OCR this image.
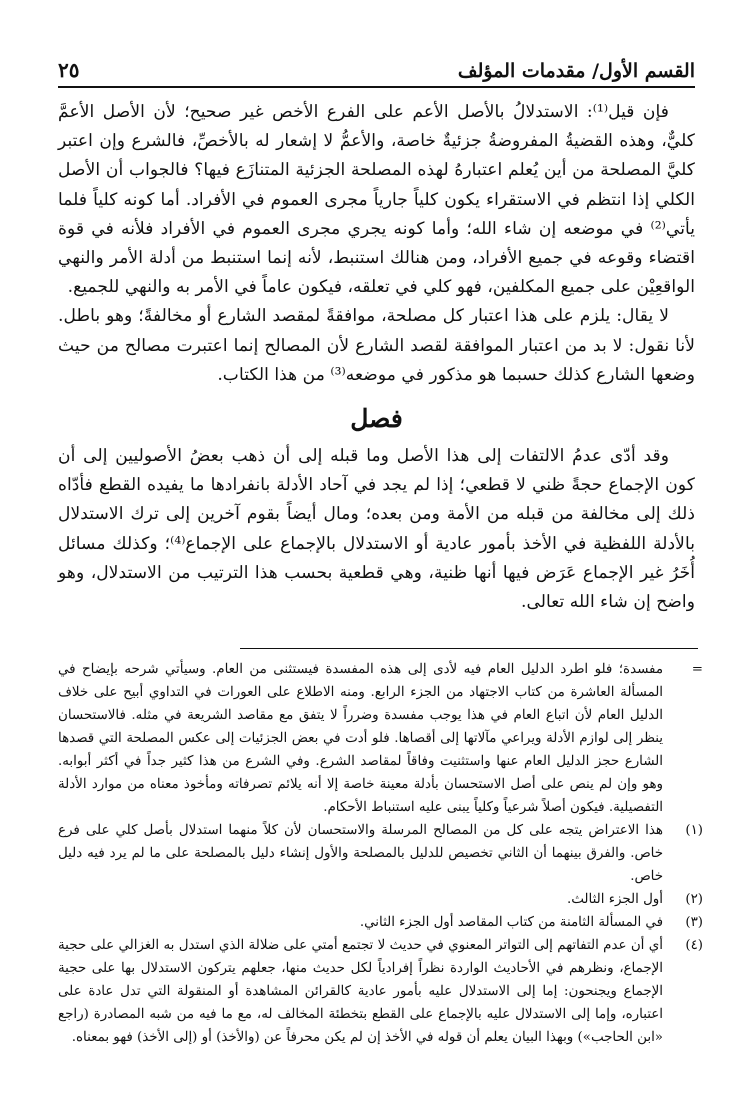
٢٥	القسم الأول/ مقدمات المؤلف

فإن قيل⁽¹⁾: الاستدلالُ بالأصل الأعم على الفرع الأخص غير صحيح؛ لأن الأصل الأعمَّ كليٌّ، وهذه القضيةُ المفروضةُ جزئيةٌ خاصة، والأعمُّ لا إشعار له بالأخصِّ، فالشرع وإن اعتبر كليَّ المصلحة من أين يُعلم اعتبارهُ لهذه المصلحة الجزئية المتنازَع فيها؟ فالجواب أن الأصل الكلي إذا انتظم في الاستقراء يكون كلياً جارياً مجرى العموم في الأفراد. أما كونه كلياً فلما يأتي⁽²⁾ في موضعه إن شاء الله؛ وأما كونه يجري مجرى العموم في الأفراد فلأنه في قوة اقتضاء وقوعه في جميع الأفراد، ومن هنالك استنبط، لأنه إنما استنبط من أدلة الأمر والنهي الواقعِيْن على جميع المكلفين، فهو كلي في تعلقه، فيكون عاماً في الأمر به والنهي للجميع.

لا يقال: يلزم على هذا اعتبار كل مصلحة، موافقةً لمقصد الشارع أو مخالفةً؛ وهو باطل. لأنا نقول: لا بد من اعتبار الموافقة لقصد الشارع لأن المصالح إنما اعتبرت مصالح من حيث وضعها الشارع كذلك حسبما هو مذكور في موضعه⁽³⁾ من هذا الكتاب.

فصل

وقد أدّى عدمُ الالتفات إلى هذا الأصل وما قبله إلى أن ذهب بعضُ الأصوليين إلى أن كون الإجماع حجةً ظني لا قطعي؛ إذا لم يجد في آحاد الأدلة بانفرادها ما يفيده القطع فأدّاه ذلك إلى مخالفة من قبله من الأمة ومن بعده؛ ومال أيضاً بقوم آخرين إلى ترك الاستدلال بالأدلة اللفظية في الأخذ بأمور عادية أو الاستدلال بالإجماع على الإجماع⁽⁴⁾؛ وكذلك مسائل أُخَرُ غير الإجماع عَرَض فيها أنها ظنية، وهي قطعية بحسب هذا الترتيب من الاستدلال، وهو واضح إن شاء الله تعالى.

=
مفسدة؛ فلو اطرد الدليل العام فيه لأدى إلى هذه المفسدة فيستثنى من العام. وسيأتي شرحه بإيضاح في المسألة العاشرة من كتاب الاجتهاد من الجزء الرابع. ومنه الاطلاع على العورات في التداوي أبيح على خلاف الدليل العام لأن اتباع العام في هذا يوجب مفسدة وضرراً لا يتفق مع مقاصد الشريعة في مثله. فالاستحسان ينظر إلى لوازم الأدلة ويراعي مآلاتها إلى أقصاها. فلو أدت في بعض الجزئيات إلى عكس المصلحة التي قصدها الشارع حجز الدليل العام عنها واستثنيت وفاقاً لمقاصد الشرع. وفي الشرع من هذا كثير جداً في أكثر أبوابه. وهو وإن لم ينص على أصل الاستحسان بأدلة معينة خاصة إلا أنه يلائم تصرفاته ومأخوذ معناه من موارد الأدلة التفصيلية. فيكون أصلاً شرعياً وكلياً يبنى عليه استنباط الأحكام.
(١)
هذا الاعتراض يتجه على كل من المصالح المرسلة والاستحسان لأن كلاً منهما استدلال بأصل كلي على فرع خاص. والفرق بينهما أن الثاني تخصيص للدليل بالمصلحة والأول إنشاء دليل بالمصلحة على ما لم يرد فيه دليل خاص.
(٢)
أول الجزء الثالث.
(٣)
في المسألة الثامنة من كتاب المقاصد أول الجزء الثاني.
(٤)
أي أن عدم التفاتهم إلى التواتر المعنوي في حديث لا تجتمع أمتي على ضلالة الذي استدل به الغزالي على حجية الإجماع، ونظرهم في الأحاديث الواردة نظراً إفرادياً لكل حديث منها، جعلهم يتركون الاستدلال بها على حجية الإجماع ويجنحون: إما إلى الاستدلال عليه بأمور عادية كالقرائن المشاهدة أو المنقولة التي تدل عادة على اعتباره، وإما إلى الاستدلال عليه بالإجماع على القطع بتخطئة المخالف له، مع ما فيه من شبه المصادرة (راجع «ابن الحاجب») وبهذا البيان يعلم أن قوله في الأخذ إن لم يكن محرفاً عن (والأخذ) أو (إلى الأخذ) فهو بمعناه.
